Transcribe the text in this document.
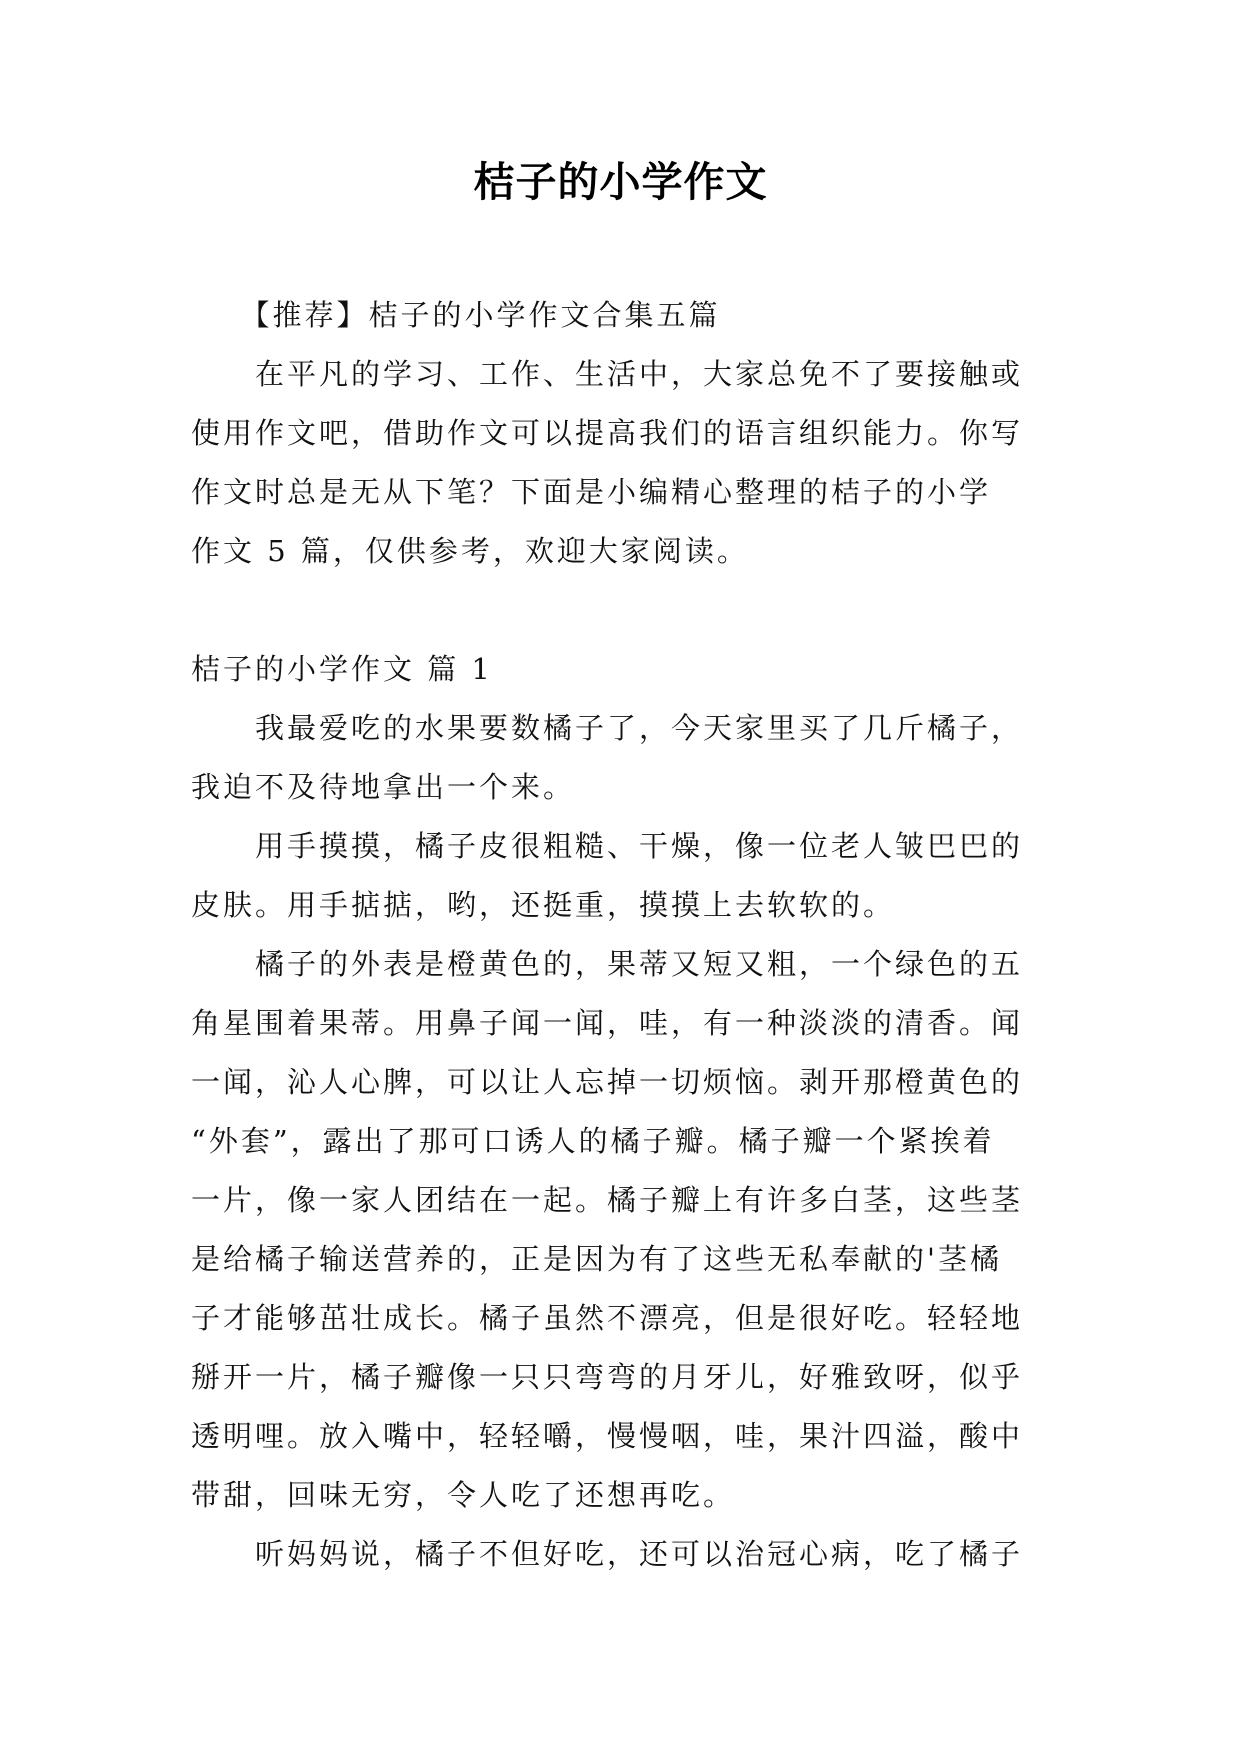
桔子的小学作文
　　【推荐】桔子的小学作文合集五篇
　　在平凡的学习、工作、生活中，大家总免不了要接触或
使用作文吧，借助作文可以提高我们的语言组织能力。你写
作文时总是无从下笔？下面是小编精心整理的桔子的小学
作文 5 篇，仅供参考，欢迎大家阅读。
桔子的小学作文 篇 1
　　我最爱吃的水果要数橘子了，今天家里买了几斤橘子，
我迫不及待地拿出一个来。
　　用手摸摸，橘子皮很粗糙、干燥，像一位老人皱巴巴的
皮肤。用手掂掂，哟，还挺重，摸摸上去软软的。
　　橘子的外表是橙黄色的，果蒂又短又粗，一个绿色的五
角星围着果蒂。用鼻子闻一闻，哇，有一种淡淡的清香。闻
一闻，沁人心脾，可以让人忘掉一切烦恼。剥开那橙黄色的
“外套”，露出了那可口诱人的橘子瓣。橘子瓣一个紧挨着
一片，像一家人团结在一起。橘子瓣上有许多白茎，这些茎
是给橘子输送营养的，正是因为有了这些无私奉献的'茎橘
子才能够茁壮成长。橘子虽然不漂亮，但是很好吃。轻轻地
掰开一片，橘子瓣像一只只弯弯的月牙儿，好雅致呀，似乎
透明哩。放入嘴中，轻轻嚼，慢慢咽，哇，果汁四溢，酸中
带甜，回味无穷，令人吃了还想再吃。
　　听妈妈说，橘子不但好吃，还可以治冠心病，吃了橘子
